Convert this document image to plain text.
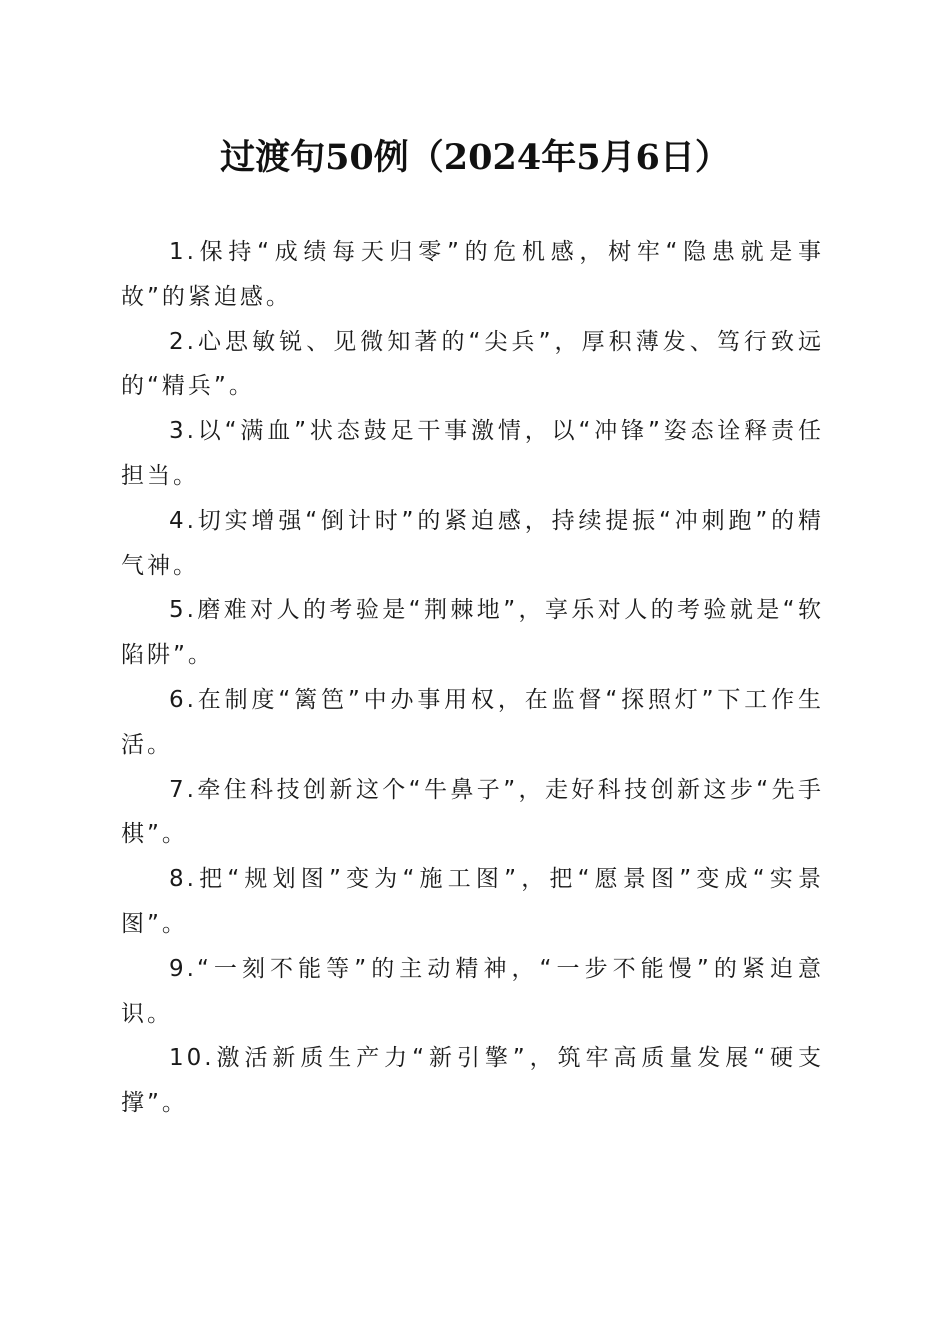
过渡句50例（2024年5月6日）

1.保持“成绩每天归零”的危机感，树牢“隐患就是事故”的紧迫感。

2.心思敏锐、见微知著的“尖兵”，厚积薄发、笃行致远的“精兵”。

3.以“满血”状态鼓足干事激情，以“冲锋”姿态诠释责任担当。

4.切实增强“倒计时”的紧迫感，持续提振“冲刺跑”的精气神。

5.磨难对人的考验是“荆棘地”，享乐对人的考验就是“软陷阱”。

6.在制度“篱笆”中办事用权，在监督“探照灯”下工作生活。

7.牵住科技创新这个“牛鼻子”，走好科技创新这步“先手棋”。

8.把“规划图”变为“施工图”，把“愿景图”变成“实景图”。

9.“一刻不能等”的主动精神，“一步不能慢”的紧迫意识。

10.激活新质生产力“新引擎”，筑牢高质量发展“硬支撑”。
